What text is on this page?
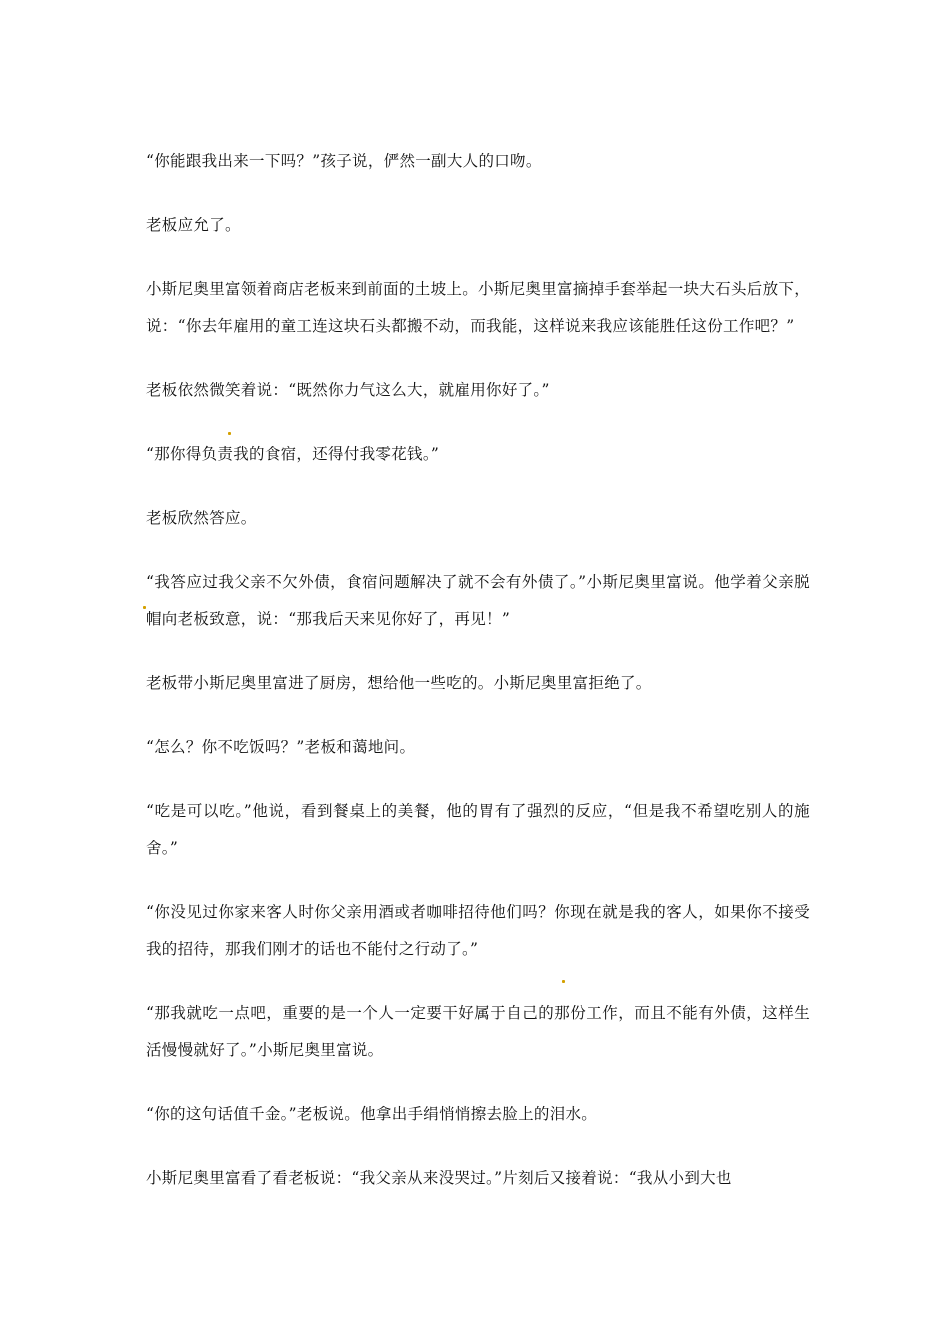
“你能跟我出来一下吗？”孩子说，俨然一副大人的口吻。

老板应允了。

小斯尼奥里富领着商店老板来到前面的土坡上。小斯尼奥里富摘掉手套举起一块大石头后放下，说：“你去年雇用的童工连这块石头都搬不动，而我能，这样说来我应该能胜任这份工作吧？”

老板依然微笑着说：“既然你力气这么大，就雇用你好了。”

“那你得负责我的食宿，还得付我零花钱。”

老板欣然答应。

“我答应过我父亲不欠外债，食宿问题解决了就不会有外债了。”小斯尼奥里富说。他学着父亲脱帽向老板致意，说：“那我后天来见你好了，再见！”

老板带小斯尼奥里富进了厨房，想给他一些吃的。小斯尼奥里富拒绝了。

“怎么？你不吃饭吗？”老板和蔼地问。

“吃是可以吃。”他说，看到餐桌上的美餐，他的胃有了强烈的反应，“但是我不希望吃别人的施舍。”

“你没见过你家来客人时你父亲用酒或者咖啡招待他们吗？你现在就是我的客人，如果你不接受我的招待，那我们刚才的话也不能付之行动了。”

“那我就吃一点吧，重要的是一个人一定要干好属于自己的那份工作，而且不能有外债，这样生活慢慢就好了。”小斯尼奥里富说。

“你的这句话值千金。”老板说。他拿出手绢悄悄擦去脸上的泪水。

小斯尼奥里富看了看老板说：“我父亲从来没哭过。”片刻后又接着说：“我从小到大也
